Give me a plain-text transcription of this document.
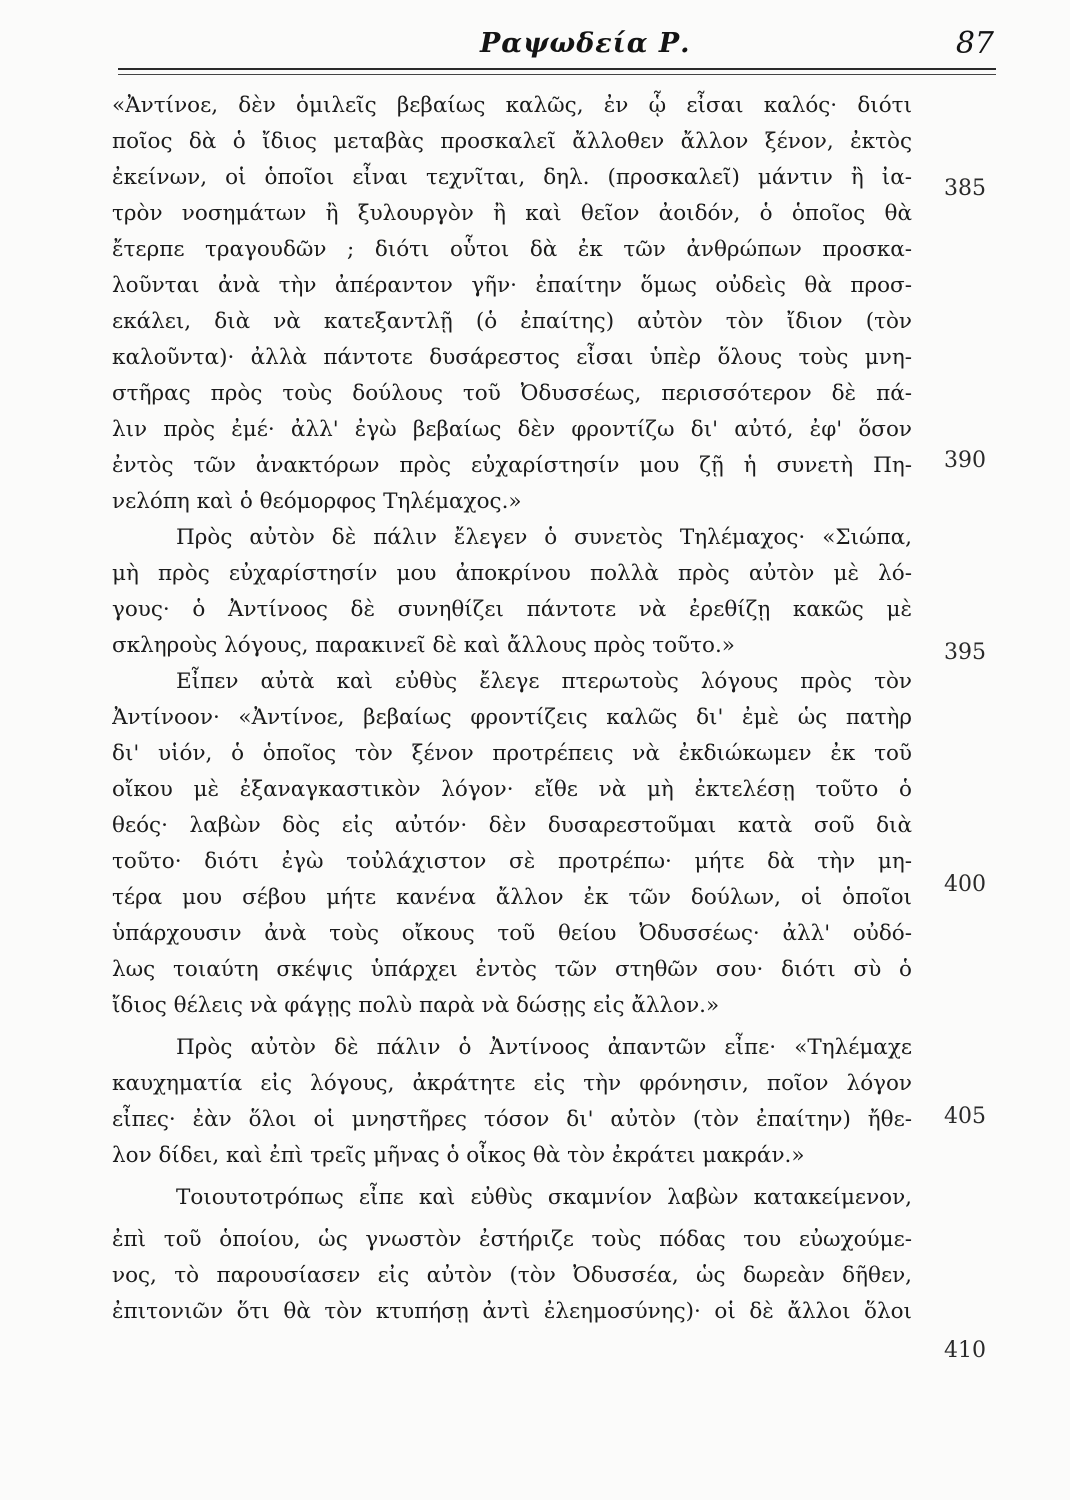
Ραψωδεία Ρ.	87
«Ἀντίνοε, δὲν ὁμιλεῖς βεβαίως καλῶς, ἐν ᾧ εἶσαι καλός· διότι
ποῖος δὰ ὁ ἴδιος μεταβὰς προσκαλεῖ ἄλλοθεν ἄλλον ξένον, ἐκτὸς
ἐκείνων, οἱ ὁποῖοι εἶναι τεχνῖται, δηλ. (προσκαλεῖ) μάντιν ἢ ἰα-
τρὸν νοσημάτων ἢ ξυλουργὸν ἢ καὶ θεῖον ἀοιδόν, ὁ ὁποῖος θὰ
ἔτερπε τραγουδῶν ; διότι οὗτοι δὰ ἐκ τῶν ἀνθρώπων προσκα-
λοῦνται ἀνὰ τὴν ἀπέραντον γῆν· ἐπαίτην ὅμως οὐδεὶς θὰ προσ-
εκάλει, διὰ νὰ κατεξαντλῇ (ὁ ἐπαίτης) αὐτὸν τὸν ἴδιον (τὸν
καλοῦντα)· ἀλλὰ πάντοτε δυσάρεστος εἶσαι ὑπὲρ ὅλους τοὺς μνη-
στῆρας πρὸς τοὺς δούλους τοῦ Ὀδυσσέως, περισσότερον δὲ πά-
λιν πρὸς ἐμέ· ἀλλ' ἐγὼ βεβαίως δὲν φροντίζω δι' αὐτό, ἐφ' ὅσον
ἐντὸς τῶν ἀνακτόρων πρὸς εὐχαρίστησίν μου ζῇ ἡ συνετὴ Πη-
νελόπη καὶ ὁ θεόμορφος Τηλέμαχος.»
Πρὸς αὐτὸν δὲ πάλιν ἔλεγεν ὁ συνετὸς Τηλέμαχος· «Σιώπα,
μὴ πρὸς εὐχαρίστησίν μου ἀποκρίνου πολλὰ πρὸς αὐτὸν μὲ λό-
γους· ὁ Ἀντίνοος δὲ συνηθίζει πάντοτε νὰ ἐρεθίζῃ κακῶς μὲ
σκληροὺς λόγους, παρακινεῖ δὲ καὶ ἄλλους πρὸς τοῦτο.»
Εἶπεν αὐτὰ καὶ εὐθὺς ἔλεγε πτερωτοὺς λόγους πρὸς τὸν
Ἀντίνοον· «Ἀντίνοε, βεβαίως φροντίζεις καλῶς δι' ἐμὲ ὡς πατὴρ
δι' υἱόν, ὁ ὁποῖος τὸν ξένον προτρέπεις νὰ ἐκδιώκωμεν ἐκ τοῦ
οἴκου μὲ ἐξαναγκαστικὸν λόγον· εἴθε νὰ μὴ ἐκτελέσῃ τοῦτο ὁ
θεός· λαβὼν δὸς εἰς αὐτόν· δὲν δυσαρεστοῦμαι κατὰ σοῦ διὰ
τοῦτο· διότι ἐγὼ τοὐλάχιστον σὲ προτρέπω· μήτε δὰ τὴν μη-
τέρα μου σέβου μήτε κανένα ἄλλον ἐκ τῶν δούλων, οἱ ὁποῖοι
ὑπάρχουσιν ἀνὰ τοὺς οἴκους τοῦ θείου Ὀδυσσέως· ἀλλ' οὐδό-
λως τοιαύτη σκέψις ὑπάρχει ἐντὸς τῶν στηθῶν σου· διότι σὺ ὁ
ἴδιος θέλεις νὰ φάγῃς πολὺ παρὰ νὰ δώσῃς εἰς ἄλλον.»
Πρὸς αὐτὸν δὲ πάλιν ὁ Ἀντίνοος ἀπαντῶν εἶπε· «Τηλέμαχε
καυχηματία εἰς λόγους, ἀκράτητε εἰς τὴν φρόνησιν, ποῖον λόγον
εἶπες· ἐὰν ὅλοι οἱ μνηστῆρες τόσον δι' αὐτὸν (τὸν ἐπαίτην) ἤθε-
λον δίδει, καὶ ἐπὶ τρεῖς μῆνας ὁ οἶκος θὰ τὸν ἐκράτει μακράν.»
Τοιουτοτρόπως εἶπε καὶ εὐθὺς σκαμνίον λαβὼν κατακείμενον,
ἐπὶ τοῦ ὁποίου, ὡς γνωστὸν ἐστήριζε τοὺς πόδας του εὐωχούμε-
νος, τὸ παρουσίασεν εἰς αὐτὸν (τὸν Ὀδυσσέα, ὡς δωρεὰν δῆθεν,
ἐπιτονιῶν ὅτι θὰ τὸν κτυπήσῃ ἀντὶ ἐλεημοσύνης)· οἱ δὲ ἄλλοι ὅλοι
385
390
395
400
405
410
